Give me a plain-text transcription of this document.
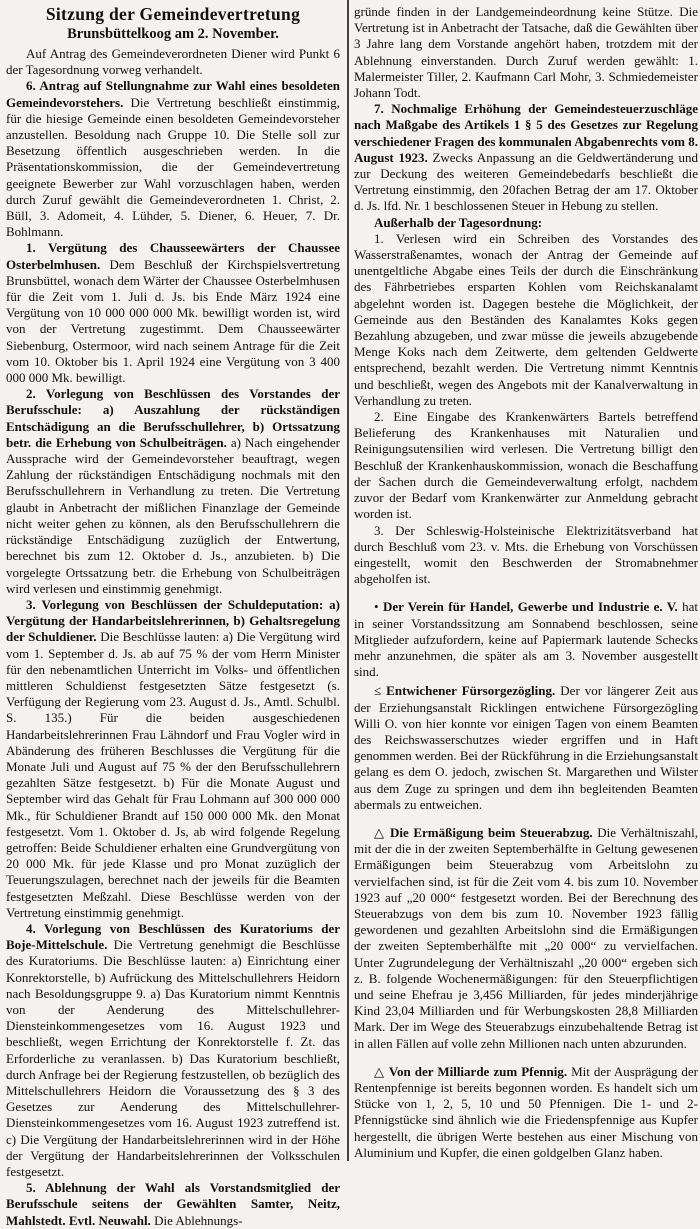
Sitzung der Gemeindevertretung
Brunsbüttelkoog am 2. November.

Auf Antrag des Gemeindeverordneten Diener wird Punkt 6 der Tagesordnung vorweg verhandelt.

6. Antrag auf Stellungnahme zur Wahl eines besoldeten Gemeindevorstehers. Die Vertretung beschließt einstimmig, für die hiesige Gemeinde einen besoldeten Gemeindevorsteher anzustellen. Besoldung nach Gruppe 10. Die Stelle soll zur Besetzung öffentlich ausgeschrieben werden. In die Präsentationskommission, die der Gemeindevertretung geeignete Bewerber zur Wahl vorzuschlagen haben, werden durch Zuruf gewählt die Gemeindeverordneten 1. Christ, 2. Büll, 3. Adomeit, 4. Lühder, 5. Diener, 6. Heuer, 7. Dr. Bohlmann.

1. Vergütung des Chausseewärters der Chaussee Osterbelmhusen. Dem Beschluß der Kirchspielsvertretung Brunsbüttel, wonach dem Wärter der Chaussee Osterbelmhusen für die Zeit vom 1. Juli d. Js. bis Ende März 1924 eine Vergütung von 10 000 000 000 Mk. bewilligt worden ist, wird von der Vertretung zugestimmt. Dem Chausseewärter Siebenburg, Ostermoor, wird nach seinem Antrage für die Zeit vom 10. Oktober bis 1. April 1924 eine Vergütung von 3 400 000 000 Mk. bewilligt.

2. Vorlegung von Beschlüssen des Vorstandes der Berufsschule: a) Auszahlung der rückständigen Entschädigung an die Berufsschullehrer, b) Ortssatzung betr. die Erhebung von Schulbeiträgen. a) Nach eingehender Aussprache wird der Gemeindevorsteher beauftragt, wegen Zahlung der rückständigen Entschädigung nochmals mit den Berufsschullehrern in Verhandlung zu treten. Die Vertretung glaubt in Anbetracht der mißlichen Finanzlage der Gemeinde nicht weiter gehen zu können, als den Berufsschullehrern die rückständige Entschädigung zuzüglich der Entwertung, berechnet bis zum 12. Oktober d. Js., anzubieten. b) Die vorgelegte Ortssatzung betr. die Erhebung von Schulbeiträgen wird verlesen und einstimmig genehmigt.

3. Vorlegung von Beschlüssen der Schuldeputation: a) Vergütung der Handarbeitslehrerinnen, b) Gehaltsregelung der Schuldiener. Die Beschlüsse lauten: a) Die Vergütung wird vom 1. September d. Js. ab auf 75 % der vom Herrn Minister für den nebenamtlichen Unterricht im Volks- und öffentlichen mittleren Schuldienst festgesetzten Sätze festgesetzt (s. Verfügung der Regierung vom 23. August d. Js., Amtl. Schulbl. S. 135.) Für die beiden ausgeschiedenen Handarbeitslehrerinnen Frau Lähndorf und Frau Vogler wird in Abänderung des früheren Beschlusses die Vergütung für die Monate Juli und August auf 75 % der den Berufsschullehrern gezahlten Sätze festgesetzt. b) Für die Monate August und September wird das Gehalt für Frau Lohmann auf 300 000 000 Mk., für Schuldiener Brandt auf 150 000 000 Mk. den Monat festgesetzt. Vom 1. Oktober d. Js, ab wird folgende Regelung getroffen: Beide Schuldiener erhalten eine Grundvergütung von 20 000 Mk. für jede Klasse und pro Monat zuzüglich der Teuerungszulagen, berechnet nach der jeweils für die Beamten festgesetzten Meßzahl. Diese Beschlüsse werden von der Vertretung einstimmig genehmigt.

4. Vorlegung von Beschlüssen des Kuratoriums der Boje-Mittelschule. Die Vertretung genehmigt die Beschlüsse des Kuratoriums. Die Beschlüsse lauten: a) Einrichtung einer Konrektorstelle, b) Aufrückung des Mittelschullehrers Heidorn nach Besoldungsgruppe 9. a) Das Kuratorium nimmt Kenntnis von der Aenderung des Mittelschullehrer-Diensteinkommengesetzes vom 16. August 1923 und beschließt, wegen Errichtung der Konrektorstelle f. Zt. das Erforderliche zu veranlassen. b) Das Kuratorium beschließt, durch Anfrage bei der Regierung festzustellen, ob bezüglich des Mittelschullehrers Heidorn die Voraussetzung des § 3 des Gesetzes zur Aenderung des Mittelschullehrer-Diensteinkommengesetzes vom 16. August 1923 zutreffend ist. c) Die Vergütung der Handarbeitslehrerinnen wird in der Höhe der Vergütung der Handarbeitslehrerinnen der Volksschulen festgesetzt.

5. Ablehnung der Wahl als Vorstandsmitglied der Berufsschule seitens der Gewählten Samter, Neitz, Mahlstedt. Evtl. Neuwahl. Die Ablehnungs-

gründe finden in der Landgemeindeordnung keine Stütze. Die Vertretung ist in Anbetracht der Tatsache, daß die Gewählten über 3 Jahre lang dem Vorstande angehört haben, trotzdem mit der Ablehnung einverstanden. Durch Zuruf werden gewählt: 1. Malermeister Tiller, 2. Kaufmann Carl Mohr, 3. Schmiedemeister Johann Todt.

7. Nochmalige Erhöhung der Gemeindesteuerzuschläge nach Maßgabe des Artikels 1 § 5 des Gesetzes zur Regelung verschiedener Fragen des kommunalen Abgabenrechts vom 8. August 1923. Zwecks Anpassung an die Geldwertänderung und zur Deckung des weiteren Gemeindebedarfs beschließt die Vertretung einstimmig, den 20fachen Betrag der am 17. Oktober d. Js. lfd. Nr. 1 beschlossenen Steuer in Hebung zu stellen.

Außerhalb der Tagesordnung:

1. Verlesen wird ein Schreiben des Vorstandes des Wasserstraßenamtes, wonach der Antrag der Gemeinde auf unentgeltliche Abgabe eines Teils der durch die Einschränkung des Fährbetriebes ersparten Kohlen vom Reichskanalamt abgelehnt worden ist. Dagegen bestehe die Möglichkeit, der Gemeinde aus den Beständen des Kanalamtes Koks gegen Bezahlung abzugeben, und zwar müsse die jeweils abzugebende Menge Koks nach dem Zeitwerte, dem geltenden Geldwerte entsprechend, bezahlt werden. Die Vertretung nimmt Kenntnis und beschließt, wegen des Angebots mit der Kanalverwaltung in Verhandlung zu treten.

2. Eine Eingabe des Krankenwärters Bartels betreffend Belieferung des Krankenhauses mit Naturalien und Reinigungsutensilien wird verlesen. Die Vertretung billigt den Beschluß der Krankenhauskommission, wonach die Beschaffung der Sachen durch die Gemeindeverwaltung erfolgt, nachdem zuvor der Bedarf vom Krankenwärter zur Anmeldung gebracht worden ist.

3. Der Schleswig-Holsteinische Elektrizitätsverband hat durch Beschluß vom 23. v. Mts. die Erhebung von Vorschüssen eingestellt, womit den Beschwerden der Stromabnehmer abgeholfen ist.

• Der Verein für Handel, Gewerbe und Industrie e. V. hat in seiner Vorstandssitzung am Sonnabend beschlossen, seine Mitglieder aufzufordern, keine auf Papiermark lautende Schecks mehr anzunehmen, die später als am 3. November ausgestellt sind.

≤ Entwichener Fürsorgezögling. Der vor längerer Zeit aus der Erziehungsanstalt Ricklingen entwichene Fürsorgezögling Willi O. von hier konnte vor einigen Tagen von einem Beamten des Reichswasserschutzes wieder ergriffen und in Haft genommen werden. Bei der Rückführung in die Erziehungsanstalt gelang es dem O. jedoch, zwischen St. Margarethen und Wilster aus dem Zuge zu springen und dem ihn begleitenden Beamten abermals zu entweichen.

△ Die Ermäßigung beim Steuerabzug. Die Verhältniszahl, mit der die in der zweiten Septemberhälfte in Geltung gewesenen Ermäßigungen beim Steuerabzug vom Arbeitslohn zu vervielfachen sind, ist für die Zeit vom 4. bis zum 10. November 1923 auf „20 000“ festgesetzt worden. Bei der Berechnung des Steuerabzugs von dem bis zum 10. November 1923 fällig gewordenen und gezahlten Arbeitslohn sind die Ermäßigungen der zweiten Septemberhälfte mit „20 000“ zu vervielfachen. Unter Zugrundelegung der Verhältniszahl „20 000“ ergeben sich z. B. folgende Wochenermäßigungen: für den Steuerpflichtigen und seine Ehefrau je 3,456 Milliarden, für jedes minderjährige Kind 23,04 Milliarden und für Werbungskosten 28,8 Milliarden Mark. Der im Wege des Steuerabzugs einzubehaltende Betrag ist in allen Fällen auf volle zehn Millionen nach unten abzurunden.

△ Von der Milliarde zum Pfennig. Mit der Ausprägung der Rentenpfennige ist bereits begonnen worden. Es handelt sich um Stücke von 1, 2, 5, 10 und 50 Pfennigen. Die 1- und 2-Pfennigstücke sind ähnlich wie die Friedenspfennige aus Kupfer hergestellt, die übrigen Werte bestehen aus einer Mischung von Aluminium und Kupfer, die einen goldgelben Glanz haben.
